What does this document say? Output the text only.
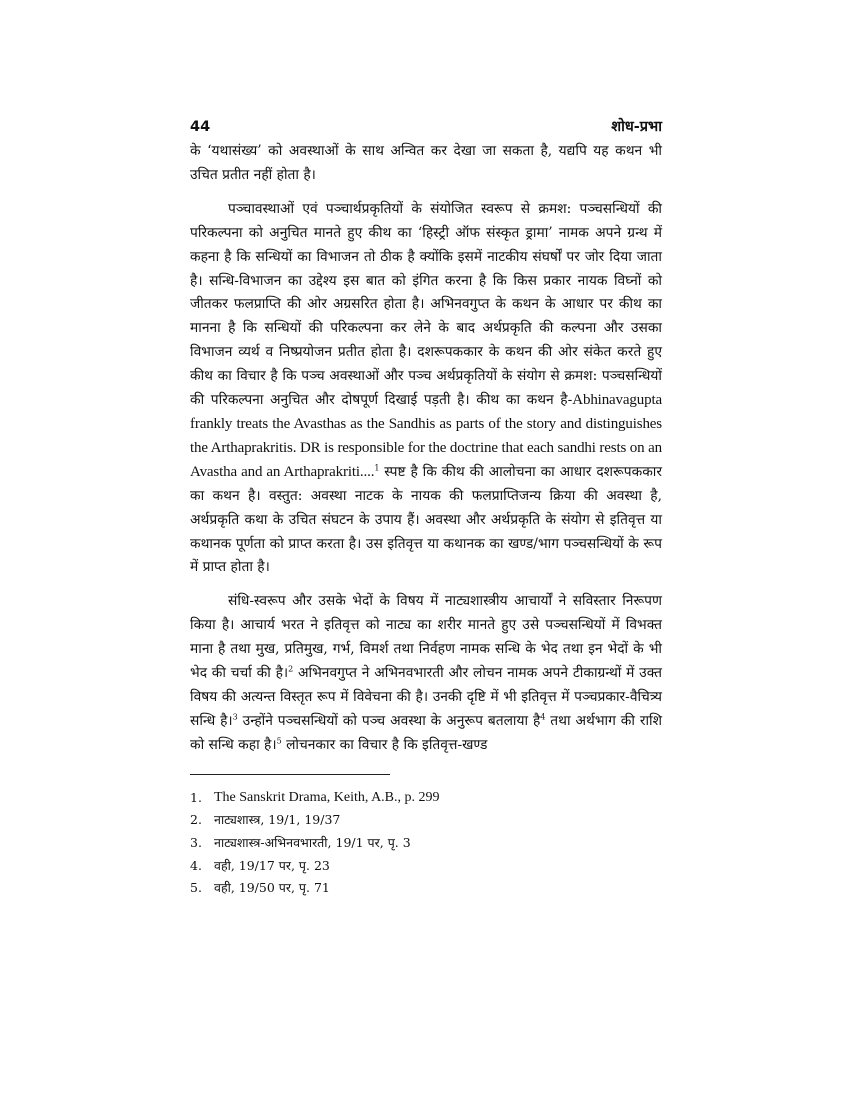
44	शोध-प्रभा

के ‘यथासंख्य’ को अवस्थाओं के साथ अन्वित कर देखा जा सकता है, यद्यपि यह कथन भी उचित प्रतीत नहीं होता है।

पञ्चावस्थाओं एवं पञ्चार्थप्रकृतियों के संयोजित स्वरूप से क्रमश: पञ्चसन्धियों की परिकल्पना को अनुचित मानते हुए कीथ का ‘हिस्ट्री ऑफ संस्कृत ड्रामा’ नामक अपने ग्रन्थ में कहना है कि सन्धियों का विभाजन तो ठीक है क्योंकि इसमें नाटकीय संघर्षों पर जोर दिया जाता है। सन्धि-विभाजन का उद्देश्य इस बात को इंगित करना है कि किस प्रकार नायक विघ्नों को जीतकर फलप्राप्ति की ओर अग्रसरित होता है। अभिनवगुप्त के कथन के आधार पर कीथ का मानना है कि सन्धियों की परिकल्पना कर लेने के बाद अर्थप्रकृति की कल्पना और उसका विभाजन व्यर्थ व निष्प्रयोजन प्रतीत होता है। दशरूपककार के कथन की ओर संकेत करते हुए कीथ का विचार है कि पञ्च अवस्थाओं और पञ्च अर्थप्रकृतियों के संयोग से क्रमश: पञ्चसन्धियों की परिकल्पना अनुचित और दोषपूर्ण दिखाई पड़ती है। कीथ का कथन है-Abhinavagupta frankly treats the Avasthas as the Sandhis as parts of the story and distinguishes the Arthaprakritis. DR is responsible for the doctrine that each sandhi rests on an Avastha and an Arthaprakriti....$^1$ स्पष्ट है कि कीथ की आलोचना का आधार दशरूपककार का कथन है। वस्तुत: अवस्था नाटक के नायक की फलप्राप्तिजन्य क्रिया की अवस्था है, अर्थप्रकृति कथा के उचित संघटन के उपाय हैं। अवस्था और अर्थप्रकृति के संयोग से इतिवृत्त या कथानक पूर्णता को प्राप्त करता है। उस इतिवृत्त या कथानक का खण्ड/भाग पञ्चसन्धियों के रूप में प्राप्त होता है।

संधि-स्वरूप और उसके भेदों के विषय में नाट्यशास्त्रीय आचार्यों ने सविस्तार निरूपण किया है। आचार्य भरत ने इतिवृत्त को नाट्य का शरीर मानते हुए उसे पञ्चसन्धियों में विभक्त माना है तथा मुख, प्रतिमुख, गर्भ, विमर्श तथा निर्वहण नामक सन्धि के भेद तथा इन भेदों के भी भेद की चर्चा की है।$^2$ अभिनवगुप्त ने अभिनवभारती और लोचन नामक अपने टीकाग्रन्थों में उक्त विषय की अत्यन्त विस्तृत रूप में विवेचना की है। उनकी दृष्टि में भी इतिवृत्त में पञ्चप्रकार-वैचित्र्य सन्धि है।$^3$ उन्होंने पञ्चसन्धियों को पञ्च अवस्था के अनुरूप बतलाया है$^4$ तथा अर्थभाग की राशि को सन्धि कहा है।$^5$ लोचनकार का विचार है कि इतिवृत्त-खण्ड

1. The Sanskrit Drama, Keith, A.B., p. 299
2. नाट्यशास्त्र, 19/1, 19/37
3. नाट्यशास्त्र-अभिनवभारती, 19/1 पर, पृ. 3
4. वही, 19/17 पर, पृ. 23
5. वही, 19/50 पर, पृ. 71
